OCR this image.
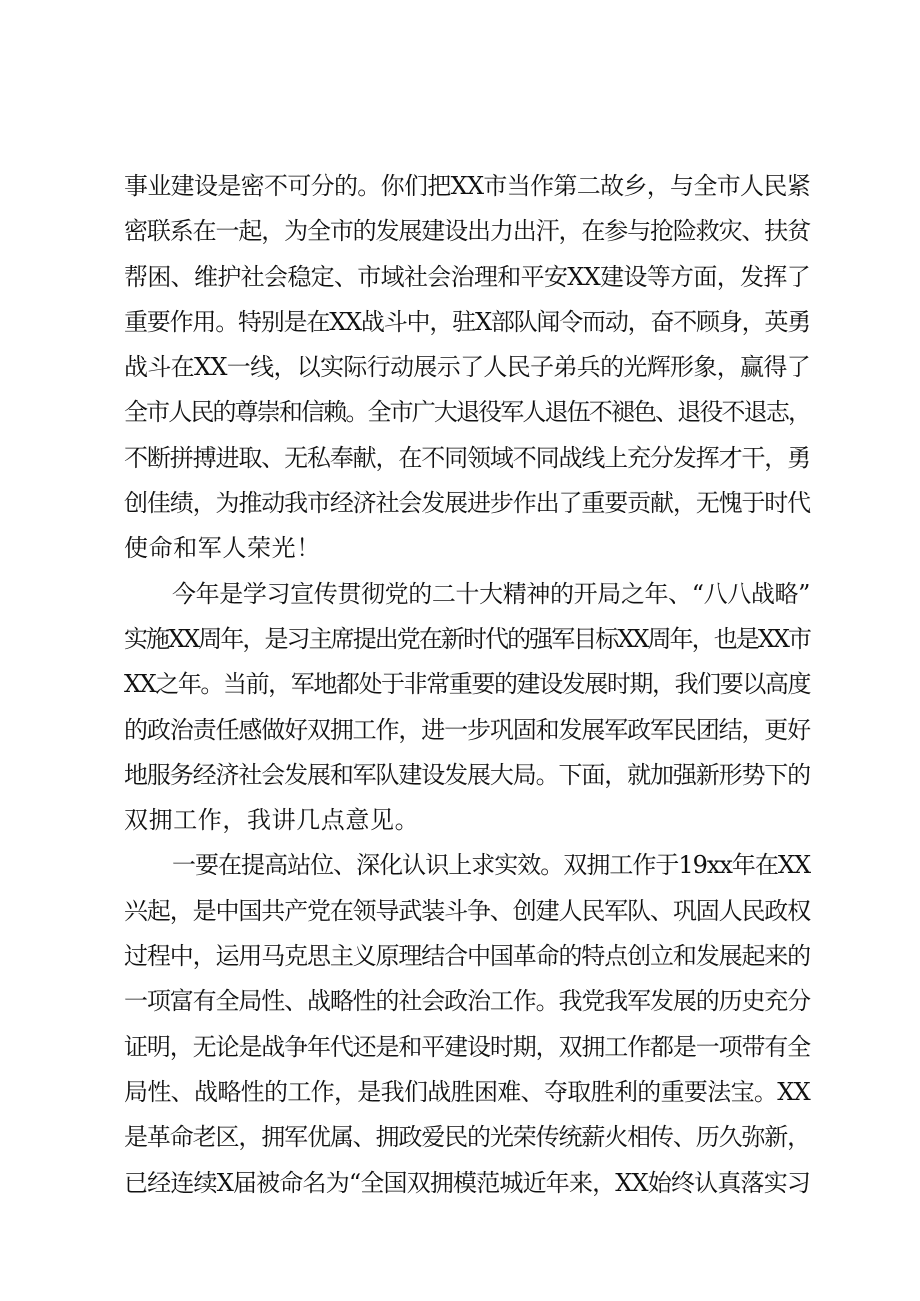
事业建设是密不可分的。你们把XX市当作第二故乡，与全市人民紧
密联系在一起，为全市的发展建设出力出汗，在参与抢险救灾、扶贫
帮困、维护社会稳定、市域社会治理和平安XX建设等方面，发挥了
重要作用。特别是在XX战斗中，驻X部队闻令而动，奋不顾身，英勇
战斗在XX一线，以实际行动展示了人民子弟兵的光辉形象，赢得了
全市人民的尊崇和信赖。全市广大退役军人退伍不褪色、退役不退志，
不断拼搏进取、无私奉献，在不同领域不同战线上充分发挥才干，勇
创佳绩，为推动我市经济社会发展进步作出了重要贡献，无愧于时代
使命和军人荣光！

今年是学习宣传贯彻党的二十大精神的开局之年、“八八战略”
实施XX周年，是习主席提出党在新时代的强军目标XX周年，也是XX市
XX之年。当前，军地都处于非常重要的建设发展时期，我们要以高度
的政治责任感做好双拥工作，进一步巩固和发展军政军民团结，更好
地服务经济社会发展和军队建设发展大局。下面，就加强新形势下的
双拥工作，我讲几点意见。

一要在提高站位、深化认识上求实效。双拥工作于19xx年在XX
兴起，是中国共产党在领导武装斗争、创建人民军队、巩固人民政权
过程中，运用马克思主义原理结合中国革命的特点创立和发展起来的
一项富有全局性、战略性的社会政治工作。我党我军发展的历史充分
证明，无论是战争年代还是和平建设时期，双拥工作都是一项带有全
局性、战略性的工作，是我们战胜困难、夺取胜利的重要法宝。XX
是革命老区，拥军优属、拥政爱民的光荣传统薪火相传、历久弥新，
已经连续X届被命名为“全国双拥模范城近年来，XX始终认真落实习
